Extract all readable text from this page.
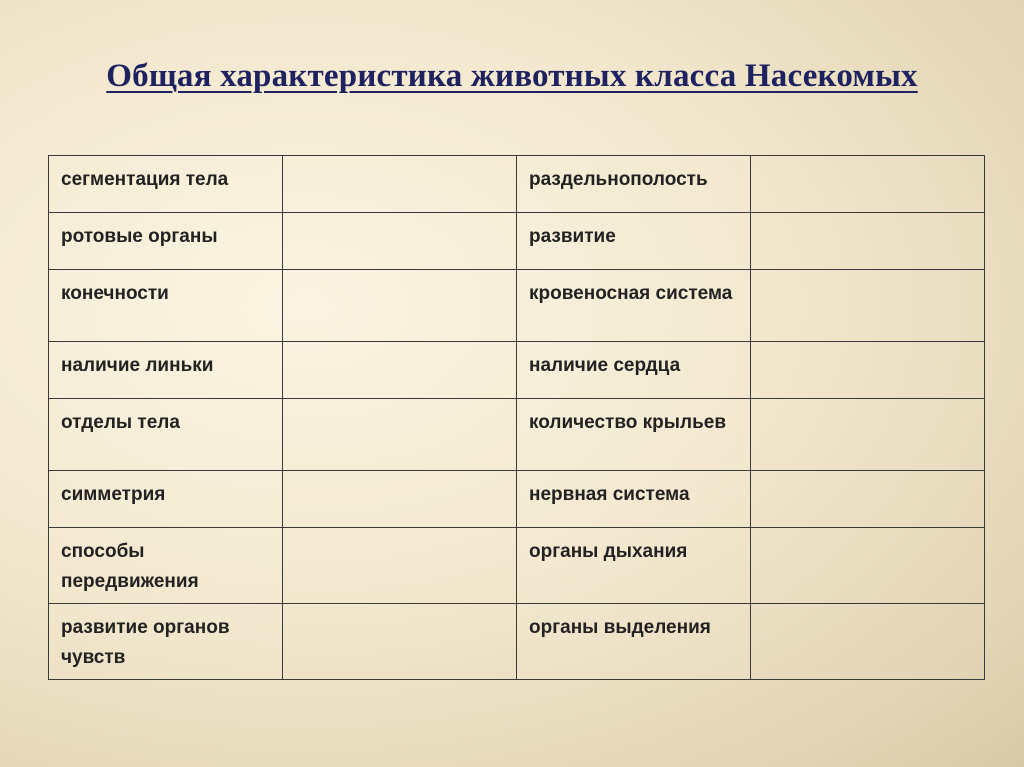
Общая характеристика животных класса Насекомых
сегментация тела		раздельнополость	
ротовые органы		развитие	
конечности		кровеносная система	
наличие линьки		наличие сердца	
отделы тела		количество крыльев	
симметрия		нервная система	
способы передвижения		органы дыхания	
развитие органов чувств		органы выделения	
